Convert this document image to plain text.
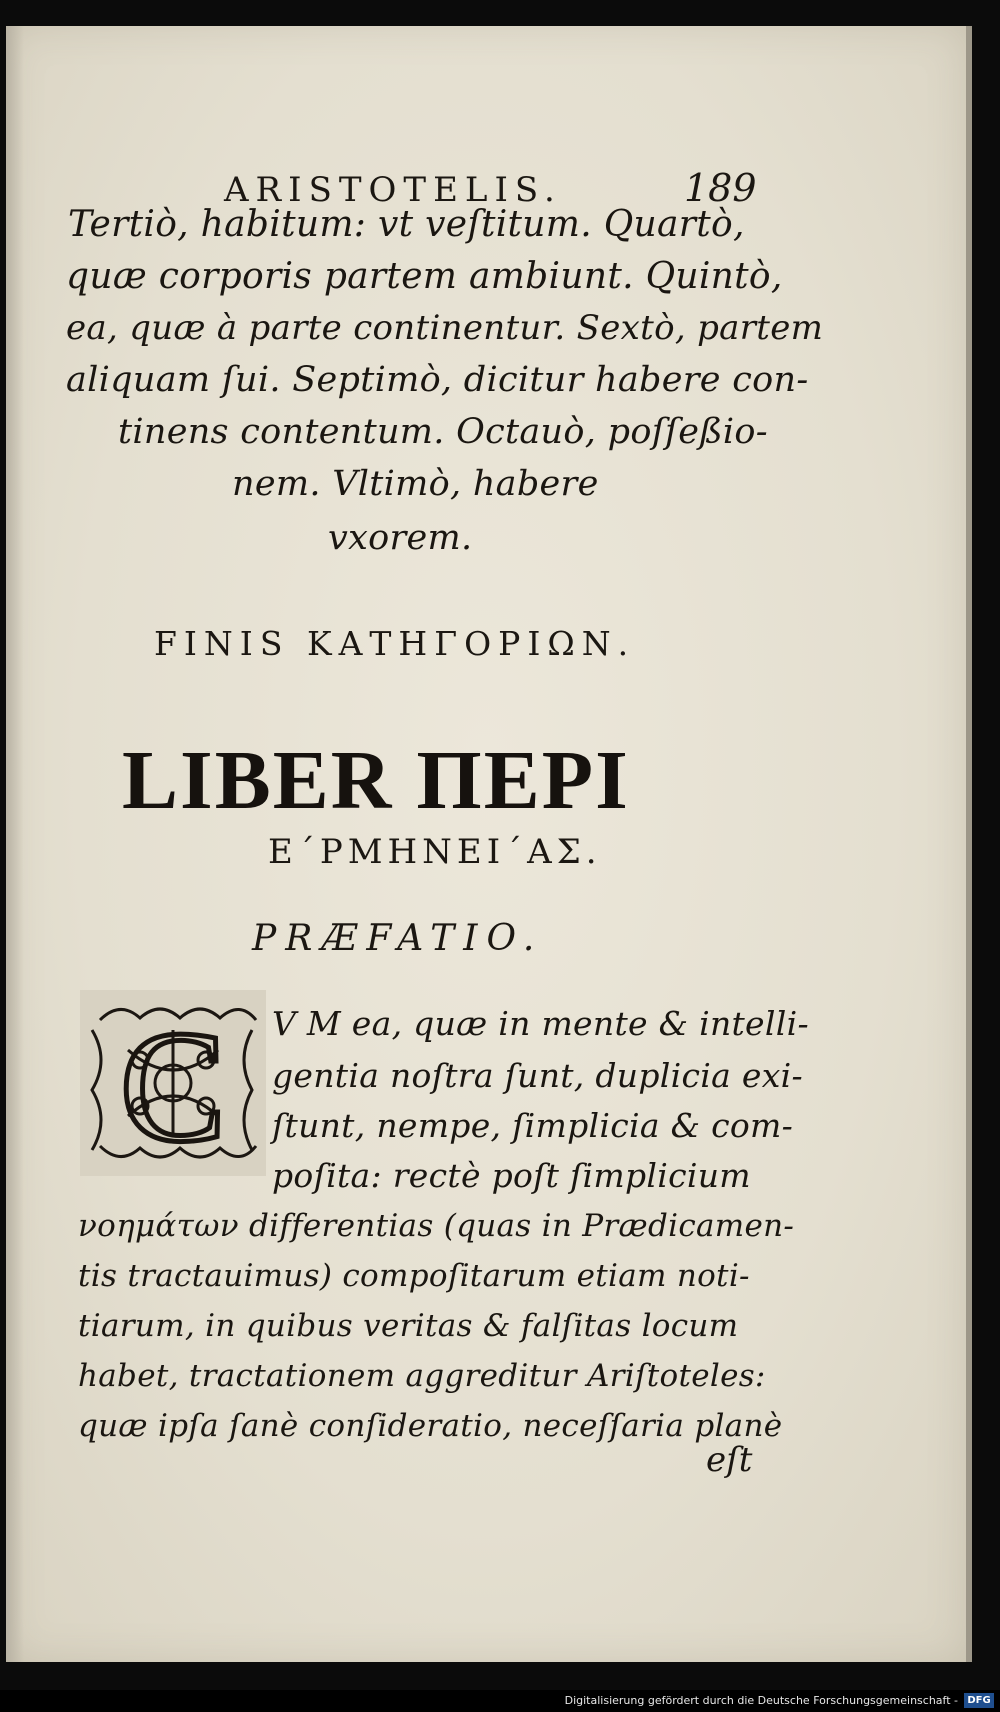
ARISTOTELIS.	189
Tertiò, habitum: vt veſtitum. Quartò,
quæ corporis partem ambiunt. Quintò,
ea, quæ à parte continentur. Sextò, partem
aliquam ſui. Septimò, dicitur habere con-
tinens contentum. Octauò, poſſeßio-
nem. Vltimò, habere
vxorem.
FINIS ΚΑΤΗΓΟΡΙΩΝ.
LIBER ΠΕΡΙ
Ε΄ΡΜΗΝΕΙ΄ΑΣ.
PRÆFATIO.
C V M ea, quæ in mente & intelli-
gentia noſtra ſunt, duplicia exi-
ſtunt, nempe, ſimplicia & com-
poſita: rectè poſt ſimplicium
νοημάτων differentias (quas in Prædicamen-
tis tractauimus) compoſitarum etiam noti-
tiarum, in quibus veritas & falſitas locum
habet, tractationem aggreditur Ariſtoteles:
quæ ipſa ſanè conſideratio, neceſſaria planè
eſt
Digitalisierung gefördert durch die Deutsche Forschungsgemeinschaft - DFG
